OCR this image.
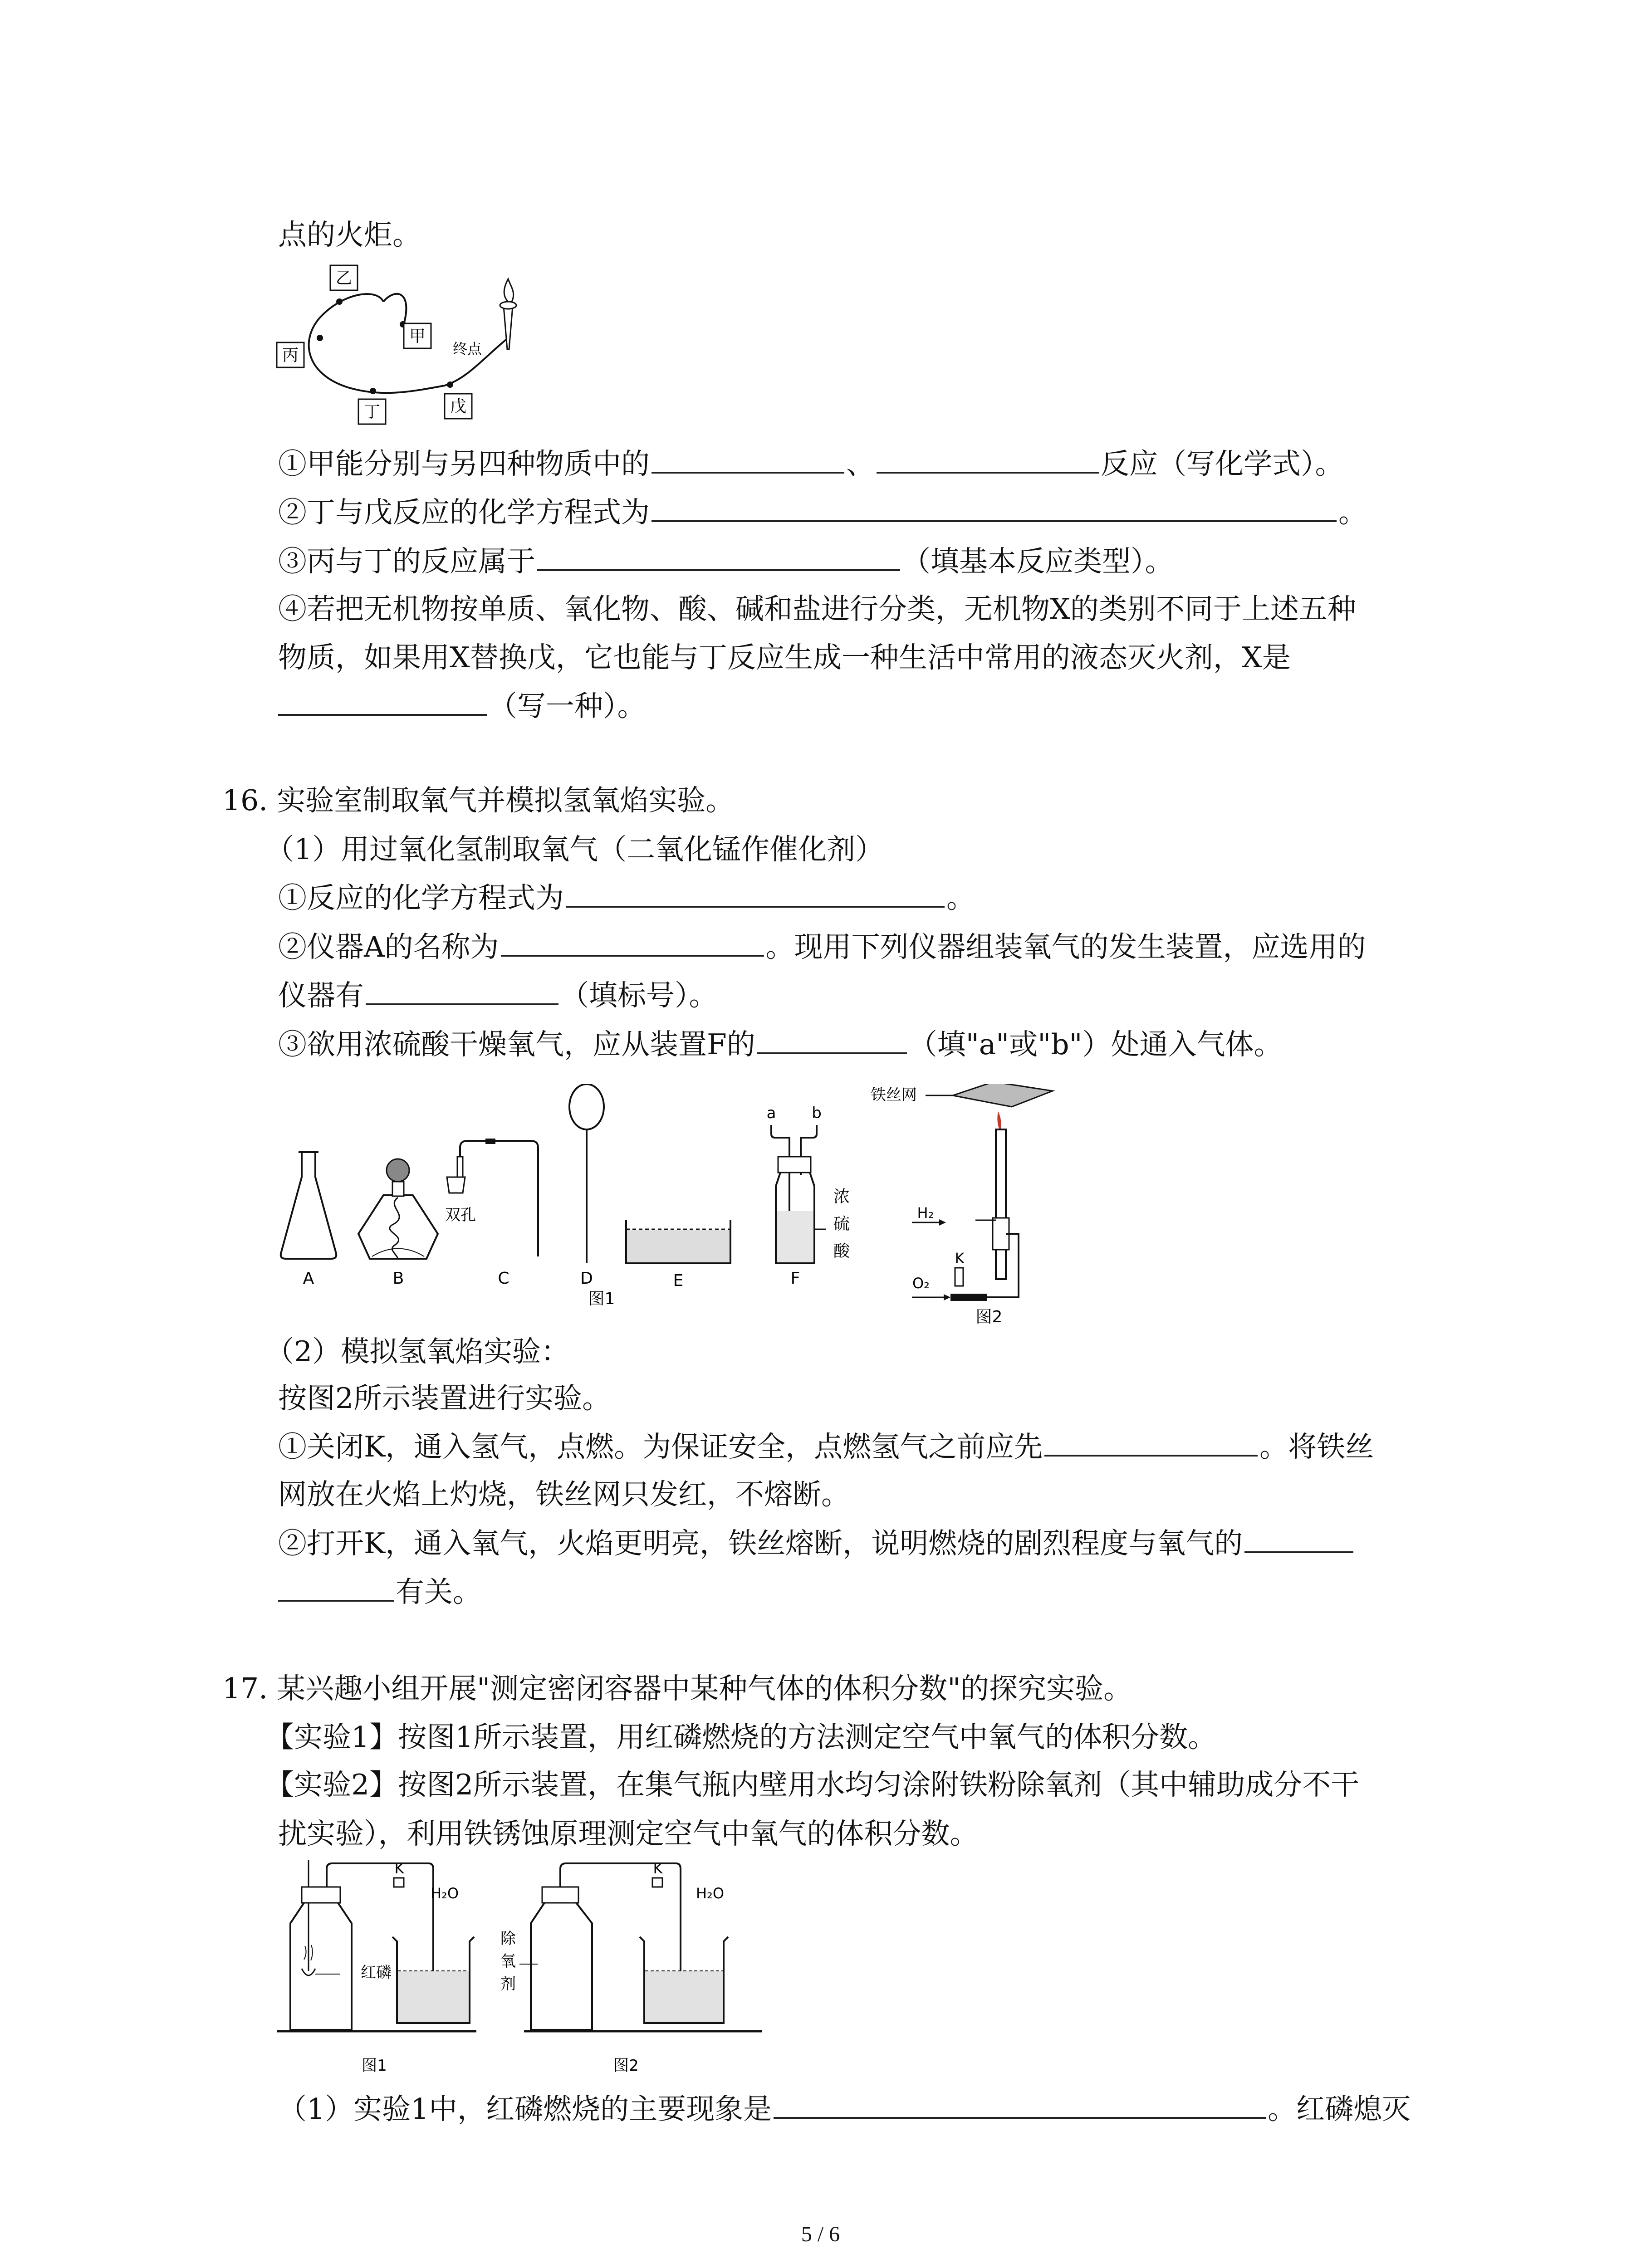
点的火炬。
乙
甲
丙
丁	戊
终点
①甲能分别与另四种物质中的	、	反应（写化学式）。
②丁与戊反应的化学方程式为	。
③丙与丁的反应属于	（填基本反应类型）。
④若把无机物按单质、氧化物、酸、碱和盐进行分类，无机物X的类别不同于上述五种
物质，如果用X替换戊，它也能与丁反应生成一种生活中常用的液态灭火剂，X是
（写一种）。
16. 实验室制取氧气并模拟氢氧焰实验。
（1）用过氧化氢制取氧气（二氧化锰作催化剂）
①反应的化学方程式为	。
②仪器A的名称为	。现用下列仪器组装氧气的发生装置，应选用的
仪器有	（填标号）。
③欲用浓硫酸干燥氧气，应从装置F的	（填"a"或"b"）处通入气体。
A	B
双孔
C	D	E
a b
浓
硫
酸
F
图1
铁丝网
H₂
K
O₂
图2
（2）模拟氢氧焰实验：
按图2所示装置进行实验。
①关闭K，通入氢气，点燃。为保证安全，点燃氢气之前应先	。将铁丝
网放在火焰上灼烧，铁丝网只发红，不熔断。
②打开K，通入氧气，火焰更明亮，铁丝熔断，说明燃烧的剧烈程度与氧气的
有关。
17. 某兴趣小组开展"测定密闭容器中某种气体的体积分数"的探究实验。
【实验1】按图1所示装置，用红磷燃烧的方法测定空气中氧气的体积分数。
【实验2】按图2所示装置，在集气瓶内壁用水均匀涂附铁粉除氧剂（其中辅助成分不干
扰实验），利用铁锈蚀原理测定空气中氧气的体积分数。
红磷
K
H₂O
图1
除
氧
剂
K
H₂O
图2
（1）实验1中，红磷燃烧的主要现象是	。红磷熄灭
5 / 6
